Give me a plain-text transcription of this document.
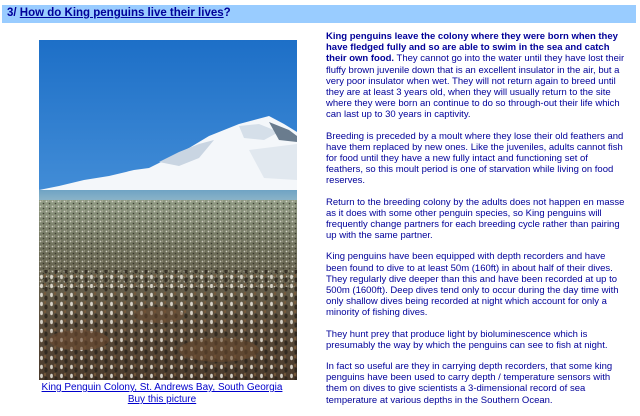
3/ How do King penguins live their lives?
King Penguin Colony, St. Andrews Bay, South Georgia
Buy this picture

King penguins leave the colony where they were born when they have fledged fully and so are able to swim in the sea and catch their own food. They cannot go into the water until they have lost their fluffy brown juvenile down that is an excellent insulator in the air, but a very poor insulator when wet. They will not return again to breed until they are at least 3 years old, when they will usually return to the site where they were born an continue to do so through-out their life which can last up to 30 years in captivity.

Breeding is preceded by a moult where they lose their old feathers and have them replaced by new ones. Like the juveniles, adults cannot fish for food until they have a new fully intact and functioning set of feathers, so this moult period is one of starvation while living on food reserves.

Return to the breeding colony by the adults does not happen en masse as it does with some other penguin species, so King penguins will frequently change partners for each breeding cycle rather than pairing up with the same partner.

King penguins have been equipped with depth recorders and have been found to dive to at least 50m (160ft) in about half of their dives. They regularly dive deeper than this and have been recorded at up to 500m (1600ft). Deep dives tend only to occur during the day time with only shallow dives being recorded at night which account for only a minority of fishing dives.

They hunt prey that produce light by bioluminescence which is presumably the way by which the penguins can see to fish at night.

In fact so useful are they in carrying depth recorders, that some king penguins have been used to carry depth / temperature sensors with them on dives to give scientists a 3-dimensional record of sea temperature at various depths in the Southern Ocean.
